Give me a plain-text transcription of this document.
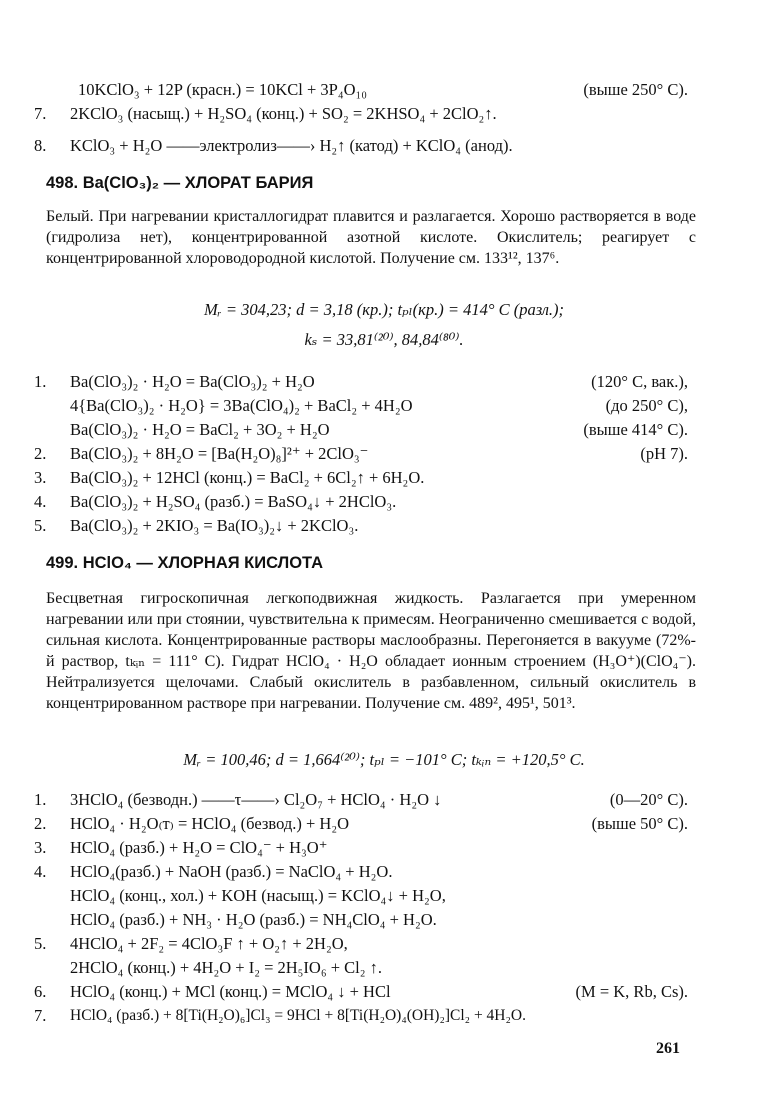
10KClO₃ + 12P (красн.) = 10KCl + 3P₄O₁₀	(выше 250° C).
7. 2KClO₃ (насыщ.) + H₂SO₄ (конц.) + SO₂ = 2KHSO₄ + 2ClO₂↑.
8. KClO₃ + H₂O ——электролиз——› H₂↑ (катод) + KClO₄ (анод).
498. Ba(ClO₃)₂ — ХЛОРАТ БАРИЯ
Белый. При нагревании кристаллогидрат плавится и разлагается. Хорошо растворяется в воде (гидролиза нет), концентрированной азотной кислоте. Окислитель; реагирует с концентрированной хлороводородной кислотой. Получение см. 133¹², 137⁶.
Mᵣ = 304,23; d = 3,18 (кр.); tₚₗ(кр.) = 414° C (разл.);
kₛ = 33,81⁽²⁰⁾, 84,84⁽⁸⁰⁾.
1. Ba(ClO₃)₂ · H₂O = Ba(ClO₃)₂ + H₂O	(120° C, вак.),
4{Ba(ClO₃)₂ · H₂O} = 3Ba(ClO₄)₂ + BaCl₂ + 4H₂O	(до 250° C),
Ba(ClO₃)₂ · H₂O = BaCl₂ + 3O₂ + H₂O	(выше 414° C).
2. Ba(ClO₃)₂ + 8H₂O = [Ba(H₂O)₈]²⁺ + 2ClO₃⁻	(pH 7).
3. Ba(ClO₃)₂ + 12HCl (конц.) = BaCl₂ + 6Cl₂↑ + 6H₂O.
4. Ba(ClO₃)₂ + H₂SO₄ (разб.) = BaSO₄↓ + 2HClO₃.
5. Ba(ClO₃)₂ + 2KIO₃ = Ba(IO₃)₂↓ + 2KClO₃.
499. HClO₄ — ХЛОРНАЯ КИСЛОТА
Бесцветная гигроскопичная легкоподвижная жидкость. Разлагается при умеренном нагревании или при стоянии, чувствительна к примесям. Неограниченно смешивается с водой, сильная кислота. Концентрированные растворы маслообразны. Перегоняется в вакууме (72%-й раствор, tₖᵢₙ = 111° C). Гидрат HClO₄ · H₂O обладает ионным строением (H₃O⁺)(ClO₄⁻). Нейтрализуется щелочами. Слабый окислитель в разбавленном, сильный окислитель в концентрированном растворе при нагревании. Получение см. 489², 495¹, 501³.
Mᵣ = 100,46; d = 1,664⁽²⁰⁾; tₚₗ = −101° C; tₖᵢₙ = +120,5° C.
1. 3HClO₄ (безводн.) ——τ——› Cl₂O₇ + HClO₄ · H₂O ↓	(0—20° C).
2. HClO₄ · H₂O₍т₎ = HClO₄ (безвод.) + H₂O	(выше 50° C).
3. HClO₄ (разб.) + H₂O = ClO₄⁻ + H₃O⁺
4. HClO₄(разб.) + NaOH (разб.) = NaClO₄ + H₂O.
HClO₄ (конц., хол.) + KOH (насыщ.) = KClO₄↓ + H₂O,
HClO₄ (разб.) + NH₃ · H₂O (разб.) = NH₄ClO₄ + H₂O.
5. 4HClO₄ + 2F₂ = 4ClO₃F ↑ + O₂↑ + 2H₂O,
2HClO₄ (конц.) + 4H₂O + I₂ = 2H₅IO₆ + Cl₂ ↑.
6. HClO₄ (конц.) + MCl (конц.) = MClO₄ ↓ + HCl	(M = K, Rb, Cs).
7. HClO₄ (разб.) + 8[Ti(H₂O)₆]Cl₃ = 9HCl + 8[Ti(H₂O)₄(OH)₂]Cl₂ + 4H₂O.
261
